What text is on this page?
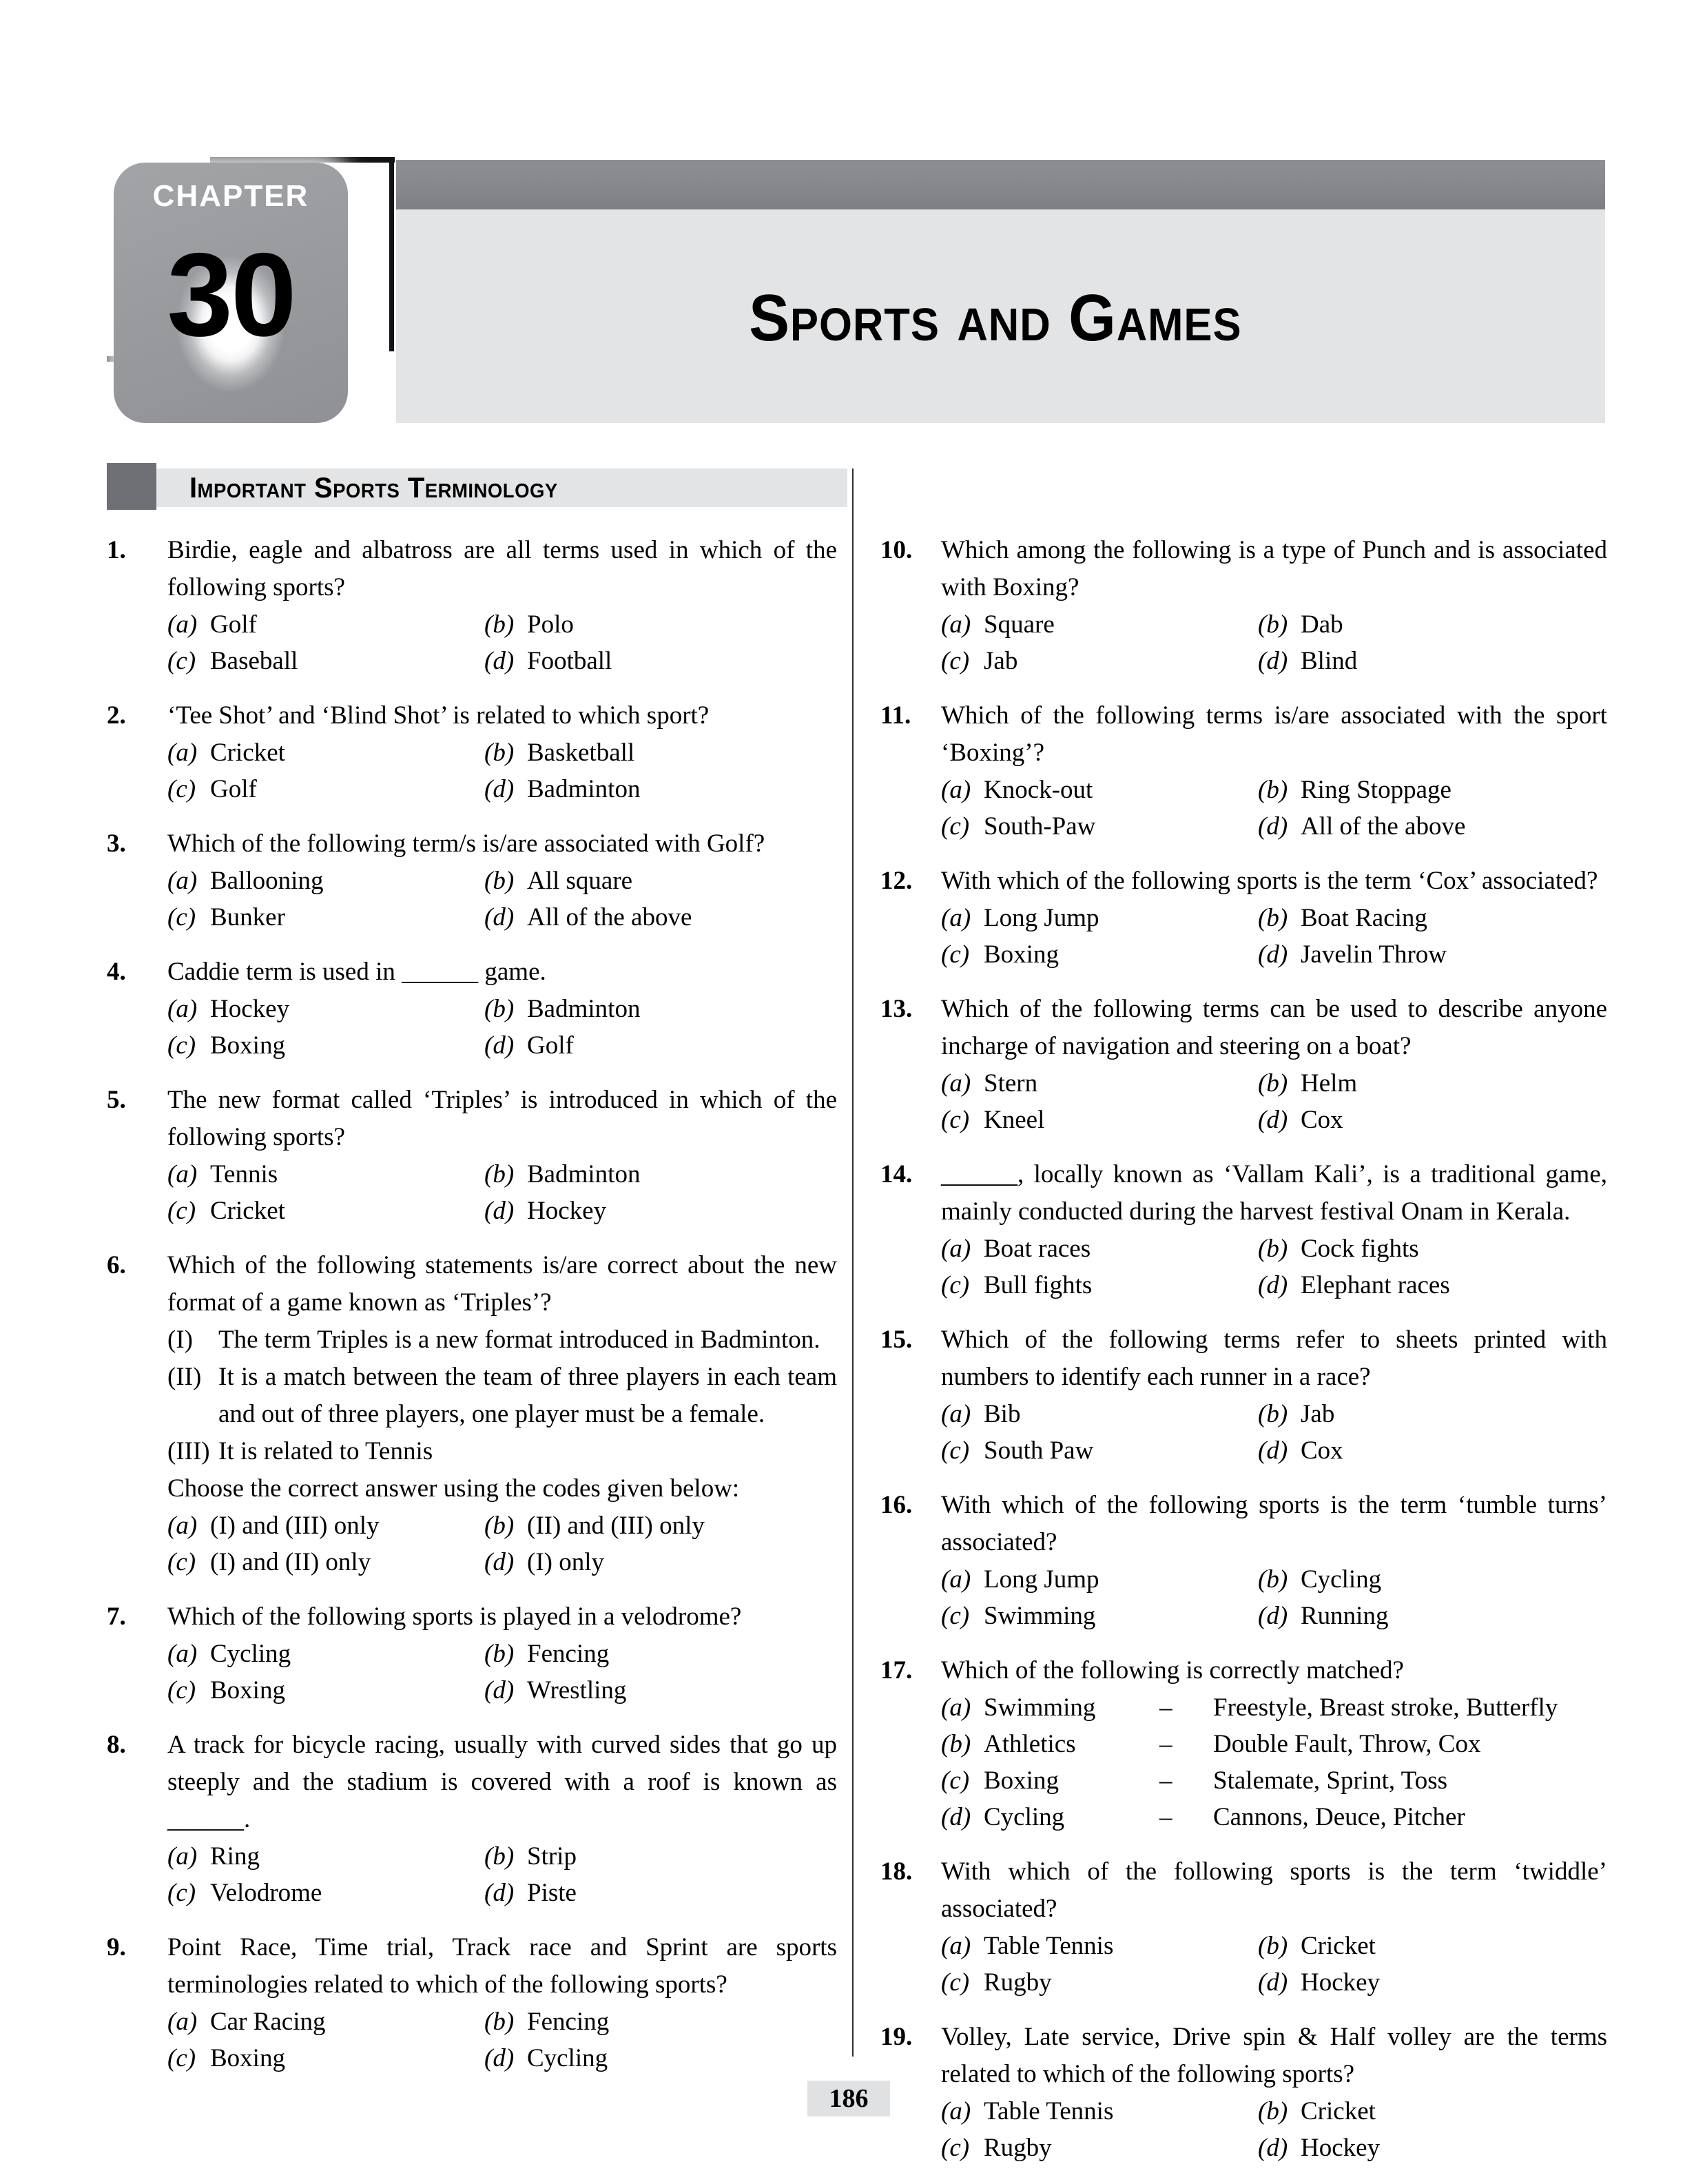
CHAPTER
30	Sports and Games
Important Sports Terminology
1.	Birdie, eagle and albatross are all terms used in which of the following sports?
(a) Golf	(b) Polo
(c) Baseball	(d) Football
2.	‘Tee Shot’ and ‘Blind Shot’ is related to which sport?
(a) Cricket	(b) Basketball
(c) Golf	(d) Badminton
3.	Which of the following term/s is/are associated with Golf?
(a) Ballooning	(b) All square
(c) Bunker	(d) All of the above
4.	Caddie term is used in ______ game.
(a) Hockey	(b) Badminton
(c) Boxing	(d) Golf
5.	The new format called ‘Triples’ is introduced in which of the following sports?
(a) Tennis	(b) Badminton
(c) Cricket	(d) Hockey
6.	Which of the following statements is/are correct about the new format of a game known as ‘Triples’?
(I)	The term Triples is a new format introduced in Badminton.
(II) It is a match between the team of three players in each team and out of three players, one player must be a female.
(III) It is related to Tennis
Choose the correct answer using the codes given below:
(a) (I) and (III) only	(b) (II) and (III) only
(c) (I) and (II) only	(d) (I) only
7.	Which of the following sports is played in a velodrome?
(a) Cycling	(b) Fencing
(c) Boxing	(d) Wrestling
8.	A track for bicycle racing, usually with curved sides that go up steeply and the stadium is covered with a roof is known as ______.
(a) Ring	(b) Strip
(c) Velodrome	(d) Piste
9.	Point Race, Time trial, Track race and Sprint are sports terminologies related to which of the following sports?
(a) Car Racing	(b) Fencing
(c) Boxing	(d) Cycling
10.	Which among the following is a type of Punch and is associated with Boxing?
(a) Square	(b) Dab
(c) Jab	(d) Blind
11.	Which of the following terms is/are associated with the sport ‘Boxing’?
(a) Knock-out	(b) Ring Stoppage
(c) South-Paw	(d) All of the above
12.	With which of the following sports is the term ‘Cox’ associated?
(a) Long Jump	(b) Boat Racing
(c) Boxing	(d) Javelin Throw
13.	Which of the following terms can be used to describe anyone incharge of navigation and steering on a boat?
(a) Stern	(b) Helm
(c) Kneel	(d) Cox
14.	______, locally known as ‘Vallam Kali’, is a traditional game, mainly conducted during the harvest festival Onam in Kerala.
(a) Boat races	(b) Cock fights
(c) Bull fights	(d) Elephant races
15.	Which of the following terms refer to sheets printed with numbers to identify each runner in a race?
(a) Bib	(b) Jab
(c) South Paw	(d) Cox
16.	With which of the following sports is the term ‘tumble turns’ associated?
(a) Long Jump	(b) Cycling
(c) Swimming	(d) Running
17.	Which of the following is correctly matched?
(a) Swimming	–	Freestyle, Breast stroke, Butterfly
(b) Athletics	–	Double Fault, Throw, Cox
(c) Boxing	–	Stalemate, Sprint, Toss
(d) Cycling	–	Cannons, Deuce, Pitcher
18.	With which of the following sports is the term ‘twiddle’ associated?
(a) Table Tennis	(b) Cricket
(c) Rugby	(d) Hockey
19.	Volley, Late service, Drive spin & Half volley are the terms related to which of the following sports?
(a) Table Tennis	(b) Cricket
(c) Rugby	(d) Hockey
186
